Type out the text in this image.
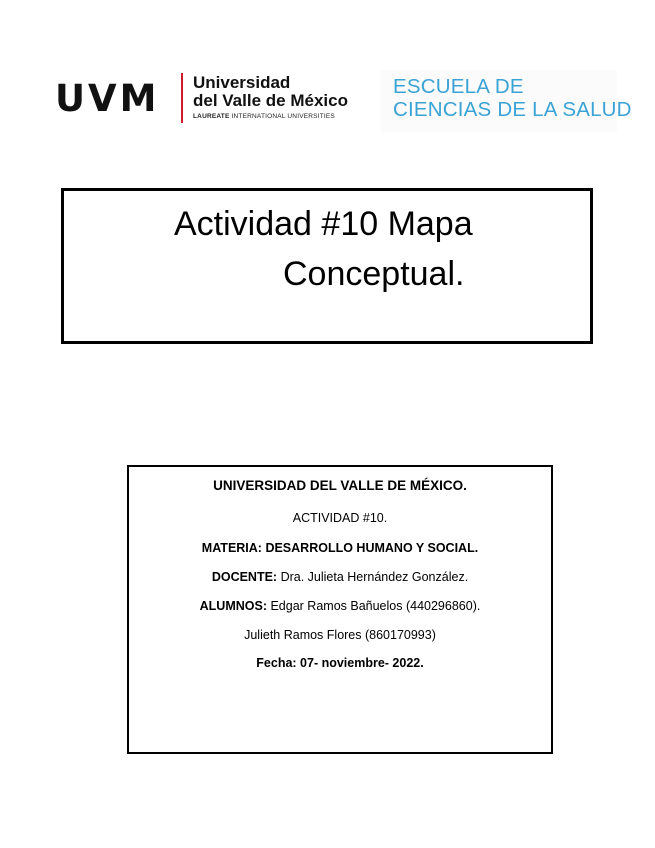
UVM Universidad
del Valle de México
LAUREATE INTERNATIONAL UNIVERSITIES
ESCUELA DE
CIENCIAS DE LA SALUD
Actividad #10 Mapa
Conceptual.
UNIVERSIDAD DEL VALLE DE MÉXICO.
ACTIVIDAD #10.
MATERIA: DESARROLLO HUMANO Y SOCIAL.
DOCENTE: Dra. Julieta Hernández González.
ALUMNOS: Edgar Ramos Bañuelos (440296860).
Julieth Ramos Flores (860170993)
Fecha: 07- noviembre- 2022.
